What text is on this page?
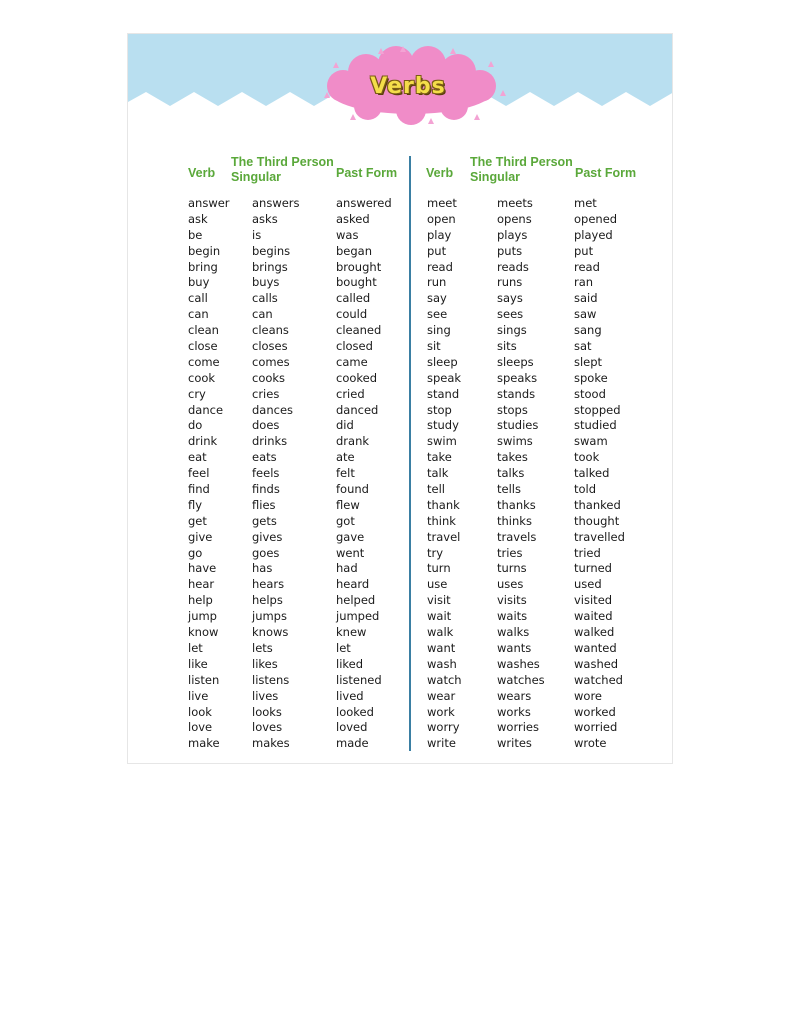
Verbs
Verb
The Third Person
Singular	Past Form Verb
The Third Person
Singular	Past Form
answer
ask
be
begin
bring
buy
call
can
clean
close
come
cook
cry
dance
do
drink
eat
feel
find
fly
get
give
go
have
hear
help
jump
know
let
like
listen
live
look
love
make
answers
asks
is
begins
brings
buys
calls
can
cleans
closes
comes
cooks
cries
dances
does
drinks
eats
feels
finds
flies
gets
gives
goes
has
hears
helps
jumps
knows
lets
likes
listens
lives
looks
loves
makes
answered
asked
was
began
brought
bought
called
could
cleaned
closed
came
cooked
cried
danced
did
drank
ate
felt
found
flew
got
gave
went
had
heard
helped
jumped
knew
let
liked
listened
lived
looked
loved
made
meet
open
play
put
read
run
say
see
sing
sit
sleep
speak
stand
stop
study
swim
take
talk
tell
thank
think
travel
try
turn
use
visit
wait
walk
want
wash
watch
wear
work
worry
write
meets
opens
plays
puts
reads
runs
says
sees
sings
sits
sleeps
speaks
stands
stops
studies
swims
takes
talks
tells
thanks
thinks
travels
tries
turns
uses
visits
waits
walks
wants
washes
watches
wears
works
worries
writes
met
opened
played
put
read
ran
said
saw
sang
sat
slept
spoke
stood
stopped
studied
swam
took
talked
told
thanked
thought
travelled
tried
turned
used
visited
waited
walked
wanted
washed
watched
wore
worked
worried
wrote
